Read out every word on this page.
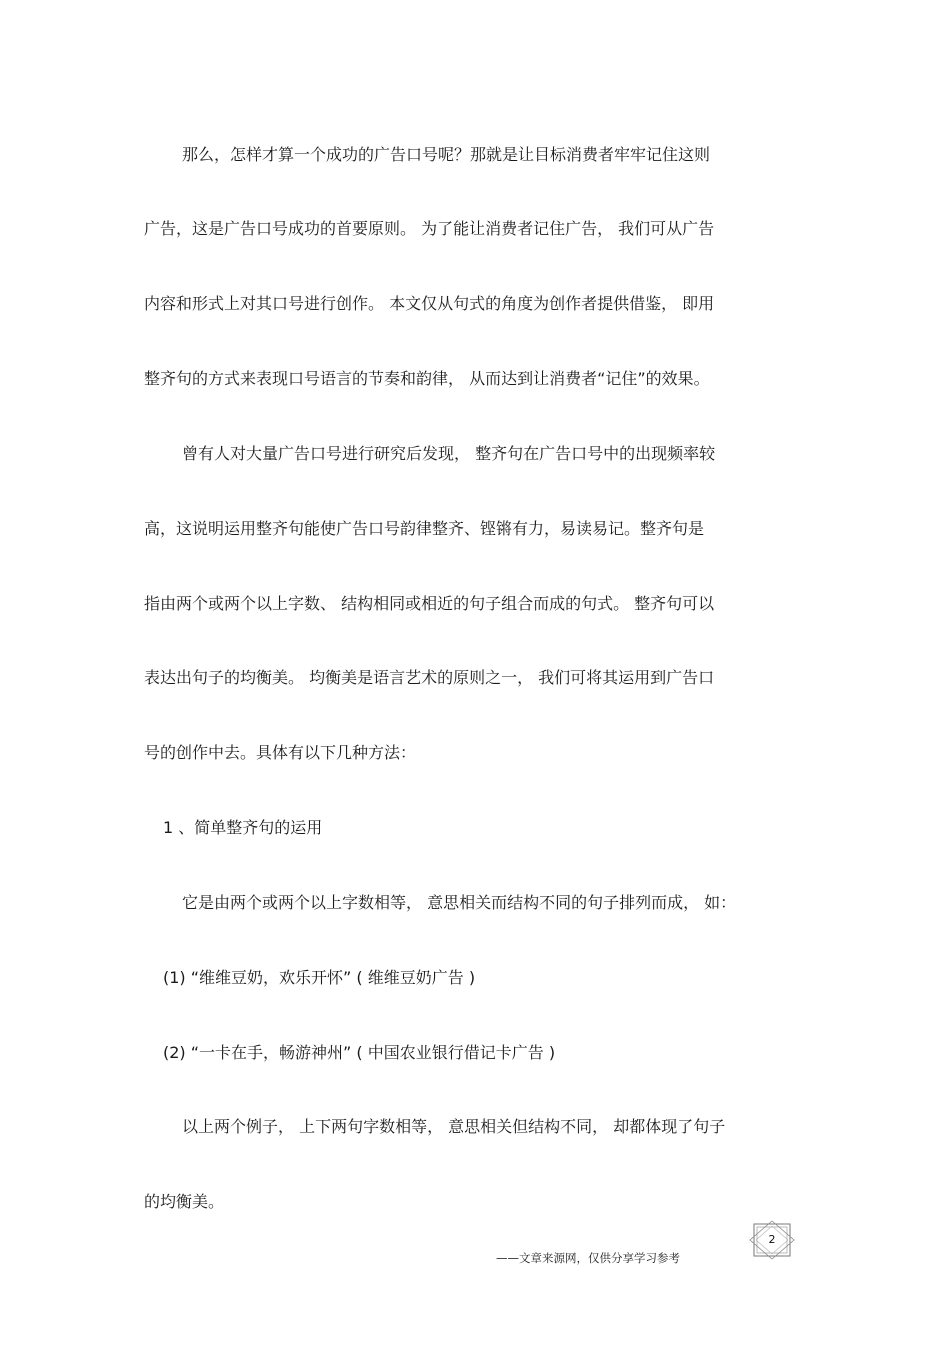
那么，怎样才算一个成功的广告口号呢？那就是让目标消费者牢牢记住这则
广告，这是广告口号成功的首要原则。 为了能让消费者记住广告， 我们可从广告
内容和形式上对其口号进行创作。 本文仅从句式的角度为创作者提供借鉴， 即用
整齐句的方式来表现口号语言的节奏和韵律， 从而达到让消费者“记住”的效果。
曾有人对大量广告口号进行研究后发现， 整齐句在广告口号中的出现频率较
高，这说明运用整齐句能使广告口号韵律整齐、铿锵有力，易读易记。整齐句是
指由两个或两个以上字数、 结构相同或相近的句子组合而成的句式。 整齐句可以
表达出句子的均衡美。 均衡美是语言艺术的原则之一， 我们可将其运用到广告口
号的创作中去。具体有以下几种方法：
1 、简单整齐句的运用
它是由两个或两个以上字数相等， 意思相关而结构不同的句子排列而成， 如：
(1) “维维豆奶，欢乐开怀” ( 维维豆奶广告 )
(2) “一卡在手，畅游神州” ( 中国农业银行借记卡广告 )
以上两个例子， 上下两句字数相等， 意思相关但结构不同， 却都体现了句子
的均衡美。
——文章来源网，仅供分享学习参考
2
